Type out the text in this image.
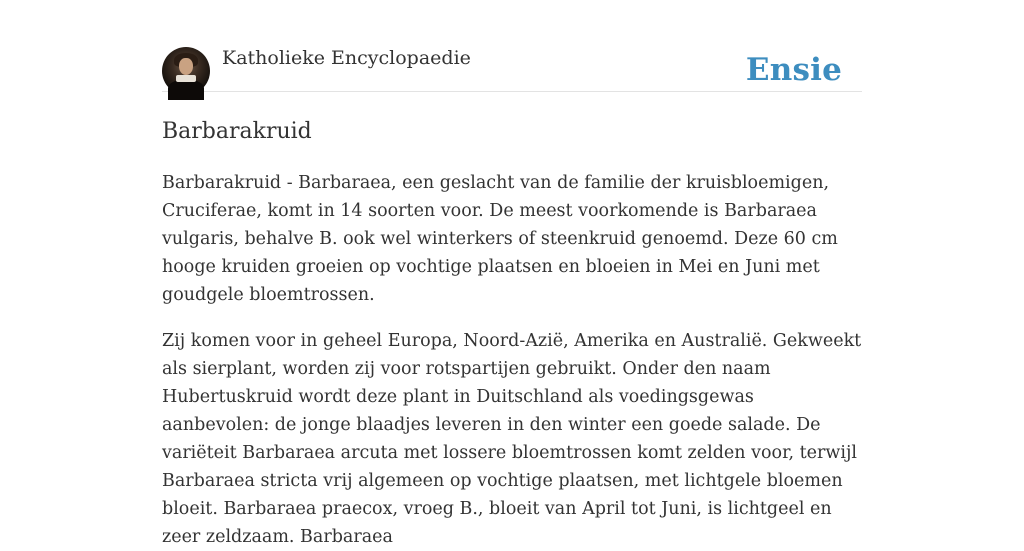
Katholieke Encyclopaedie	Ensie
Barbarakruid

Barbarakruid - Barbaraea, een geslacht van de familie der kruisbloemigen, Cruciferae, komt in 14 soorten voor. De meest voorkomende is Barbaraea vulgaris, behalve B. ook wel winterkers of steenkruid genoemd. Deze 60 cm hooge kruiden groeien op vochtige plaatsen en bloeien in Mei en Juni met goudgele bloemtrossen.

Zij komen voor in geheel Europa, Noord-Azië, Amerika en Australië. Gekweekt als sierplant, worden zij voor rotspartijen gebruikt. Onder den naam Hubertuskruid wordt deze plant in Duitschland als voedingsgewas aanbevolen: de jonge blaadjes leveren in den winter een goede salade. De variëteit Barbaraea arcuta met lossere bloemtrossen komt zelden voor, terwijl Barbaraea stricta vrij algemeen op vochtige plaatsen, met lichtgele bloemen bloeit. Barbaraea praecox, vroeg B., bloeit van April tot Juni, is lichtgeel en zeer zeldzaam. Barbaraea
